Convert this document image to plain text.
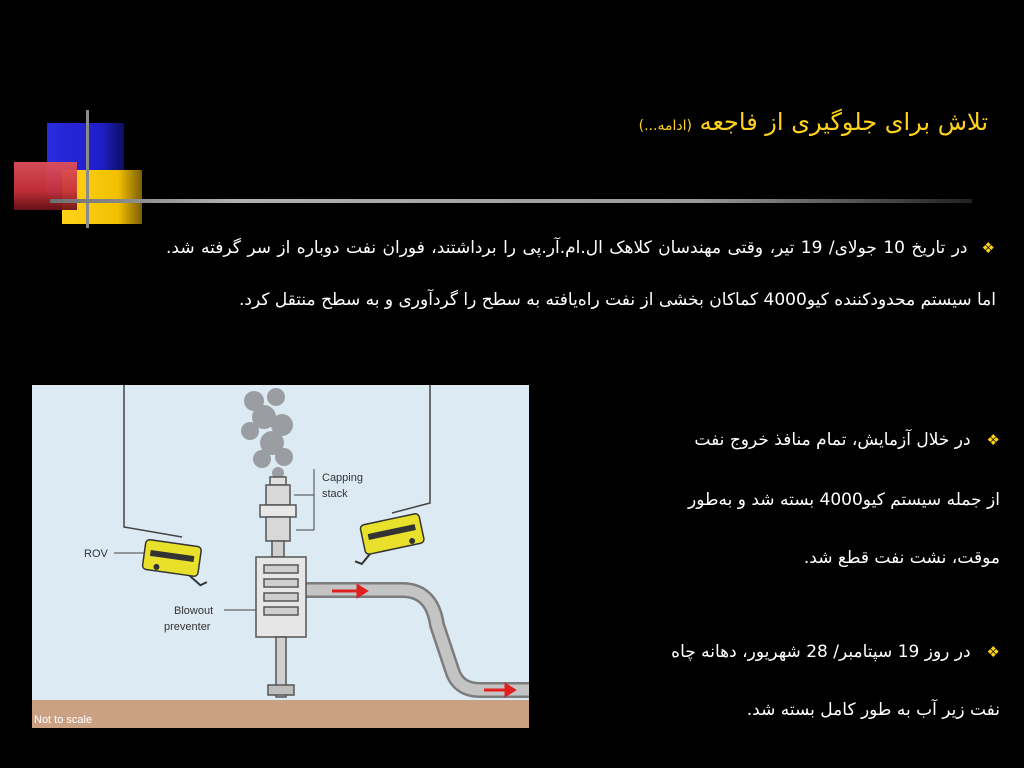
تلاش برای جلوگیری از فاجعه (ادامه...)
❖در تاریخ 10 جولای/ 19 تیر، وقتی مهندسان کلاهک ال.ام.آر.پی را برداشتند، فوران نفت دوباره از سر گرفته شد. اما سیستم محدودکننده کیو4000 کماکان بخشی از نفت راه‌یافته به سطح را گردآوری و به سطح منتقل کرد.
❖در خلال آزمایش، تمام منافذ خروج نفت
از جمله سیستم کیو4000 بسته شد و به‌طور
موقت، نشت نفت قطع شد.
❖در روز 19 سپتامبر/ 28 شهریور، دهانه چاه
نفت زیر آب به طور کامل بسته شد.
Capping
stack
Blowout
preventer
ROV
Not to scale
